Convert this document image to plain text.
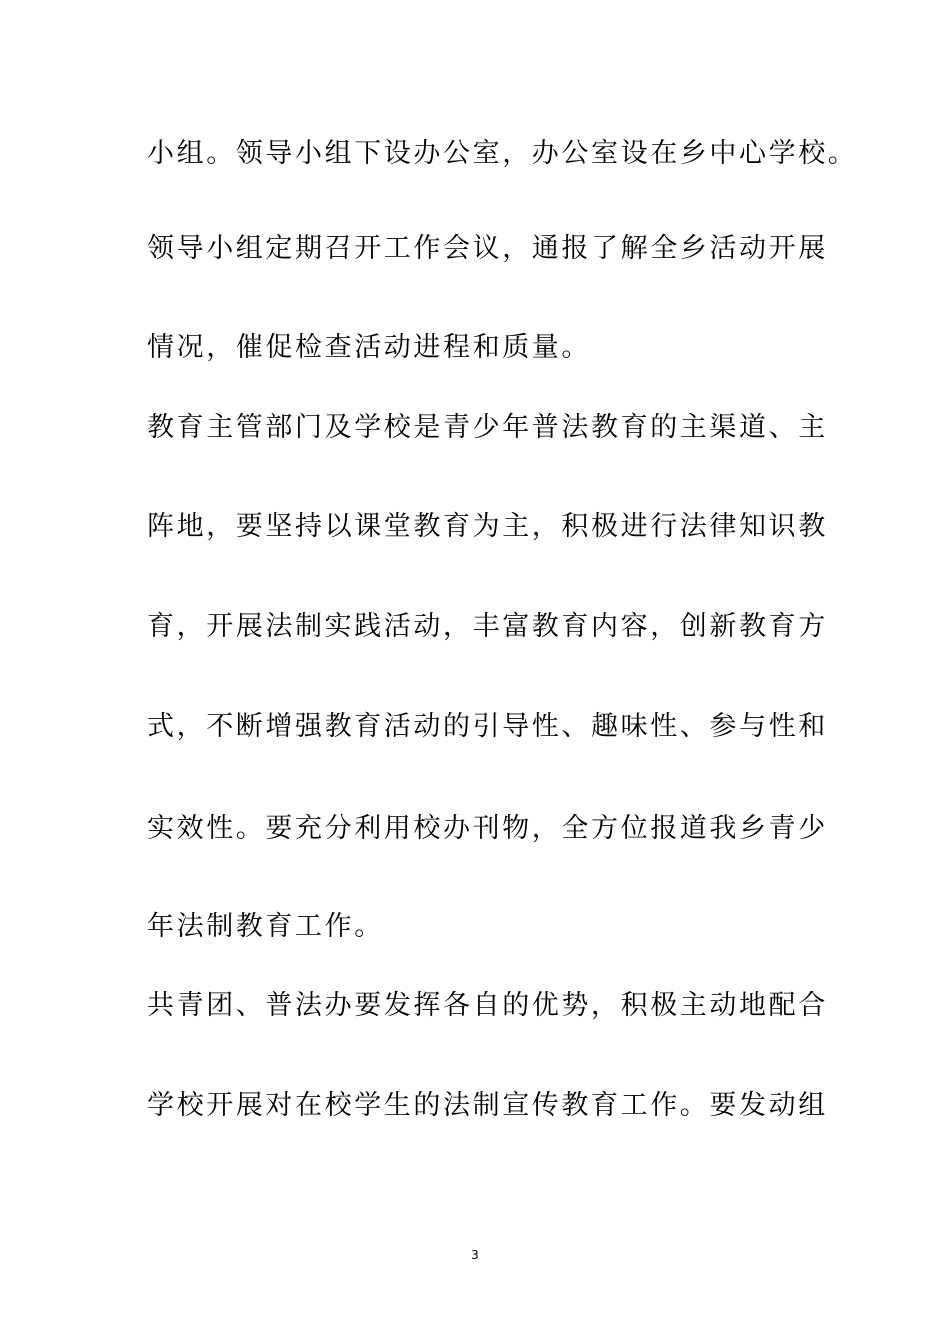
小组。领导小组下设办公室，办公室设在乡中心学校。
领导小组定期召开工作会议，通报了解全乡活动开展
情况，催促检查活动进程和质量。
教育主管部门及学校是青少年普法教育的主渠道、主
阵地，要坚持以课堂教育为主，积极进行法律知识教
育，开展法制实践活动，丰富教育内容，创新教育方
式，不断增强教育活动的引导性、趣味性、参与性和
实效性。要充分利用校办刊物，全方位报道我乡青少
年法制教育工作。
共青团、普法办要发挥各自的优势，积极主动地配合
学校开展对在校学生的法制宣传教育工作。要发动组
3
